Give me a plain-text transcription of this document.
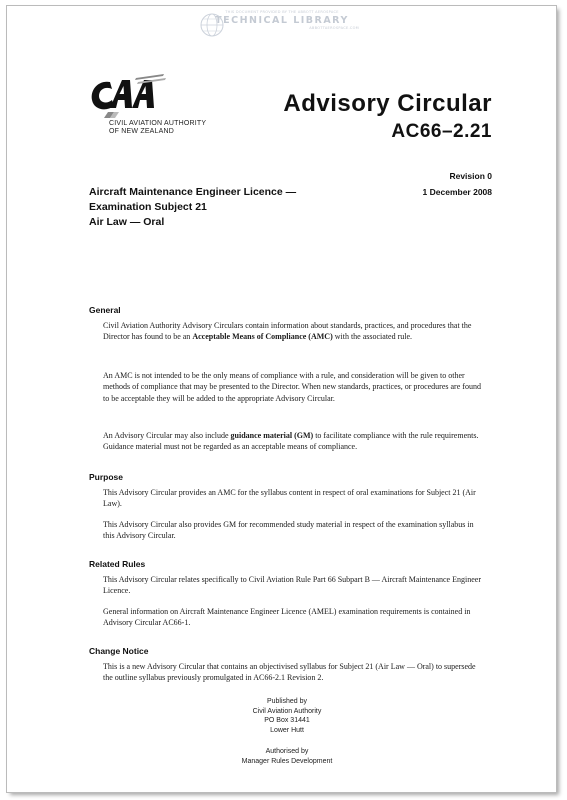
THIS DOCUMENT PROVIDED BY THE ABBOTT AEROSPACE
TECHNICAL LIBRARY
ABBOTTAEROSPACE.COM
CIVIL AVIATION AUTHORITY
OF NEW ZEALAND
Advisory Circular
AC66–2.21
Revision 0
1 December 2008
Aircraft Maintenance Engineer Licence —
Examination Subject 21
Air Law — Oral
General
Civil Aviation Authority Advisory Circulars contain information about standards, practices, and procedures that the Director has found to be an Acceptable Means of Compliance (AMC) with the associated rule.
An AMC is not intended to be the only means of compliance with a rule, and consideration will be given to other methods of compliance that may be presented to the Director. When new standards, practices, or procedures are found to be acceptable they will be added to the appropriate Advisory Circular.
An Advisory Circular may also include guidance material (GM) to facilitate compliance with the rule requirements. Guidance material must not be regarded as an acceptable means of compliance.
Purpose
This Advisory Circular provides an AMC for the syllabus content in respect of oral examinations for Subject 21 (Air Law).
This Advisory Circular also provides GM for recommended study material in respect of the examination syllabus in this Advisory Circular.
Related Rules
This Advisory Circular relates specifically to Civil Aviation Rule Part 66 Subpart B — Aircraft Maintenance Engineer Licence.
General information on Aircraft Maintenance Engineer Licence (AMEL) examination requirements is contained in Advisory Circular AC66-1.
Change Notice
This is a new Advisory Circular that contains an objectivised syllabus for Subject 21 (Air Law — Oral) to supersede the outline syllabus previously promulgated in AC66-2.1 Revision 2.
Published by
Civil Aviation Authority
PO Box 31441
Lower Hutt
Authorised by
Manager Rules Development
